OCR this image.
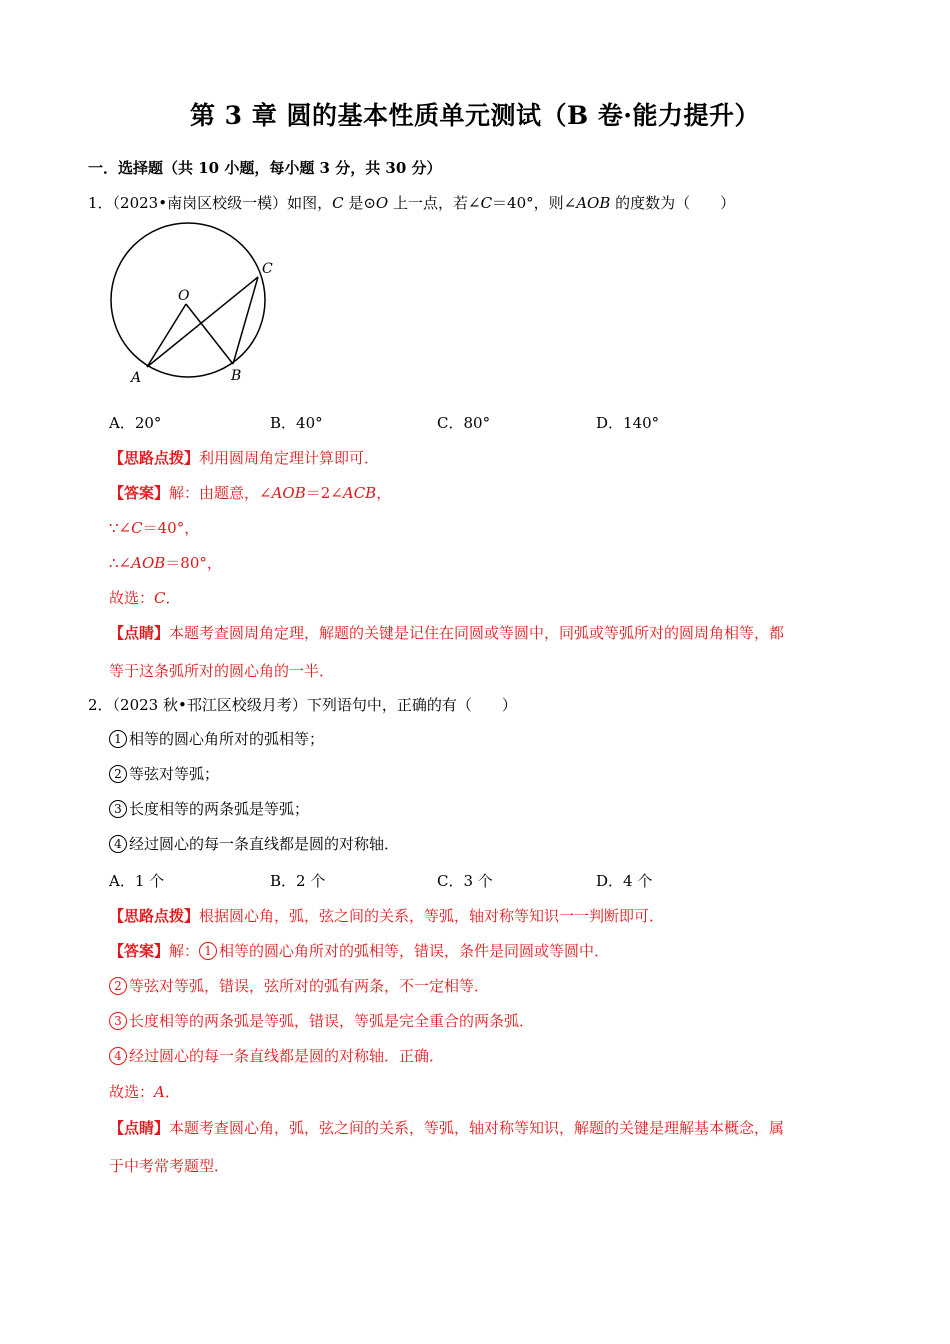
第 3 章 圆的基本性质单元测试（B 卷·能力提升）
一．选择题（共 10 小题，每小题 3 分，共 30 分）
1．（2023•南岗区校级一模）如图，C 是⊙O 上一点，若∠C＝40°，则∠AOB 的度数为（　　）
O
C
A	B
A．20°	B．40°	C．80°	D．140°
【思路点拨】利用圆周角定理计算即可．
【答案】解：由题意，∠AOB＝2∠ACB，
∵∠C＝40°，
∴∠AOB＝80°，
故选：C．
【点睛】本题考查圆周角定理，解题的关键是记住在同圆或等圆中，同弧或等弧所对的圆周角相等，都
等于这条弧所对的圆心角的一半．
2．（2023 秋•邗江区校级月考）下列语句中，正确的有（　　）
1 相等的圆心角所对的弧相等；
2 等弦对等弧；
3 长度相等的两条弧是等弧；
4 经过圆心的每一条直线都是圆的对称轴．
A．1 个	B．2 个	C．3 个	D．4 个
【思路点拨】根据圆心角，弧，弦之间的关系，等弧，轴对称等知识一一判断即可．
【答案】解： 1 相等的圆心角所对的弧相等，错误，条件是同圆或等圆中．
2 等弦对等弧，错误，弦所对的弧有两条，不一定相等．
3 长度相等的两条弧是等弧，错误，等弧是完全重合的两条弧．
4 经过圆心的每一条直线都是圆的对称轴．正确．
故选：A．
【点睛】本题考查圆心角，弧，弦之间的关系，等弧，轴对称等知识，解题的关键是理解基本概念，属
于中考常考题型．
